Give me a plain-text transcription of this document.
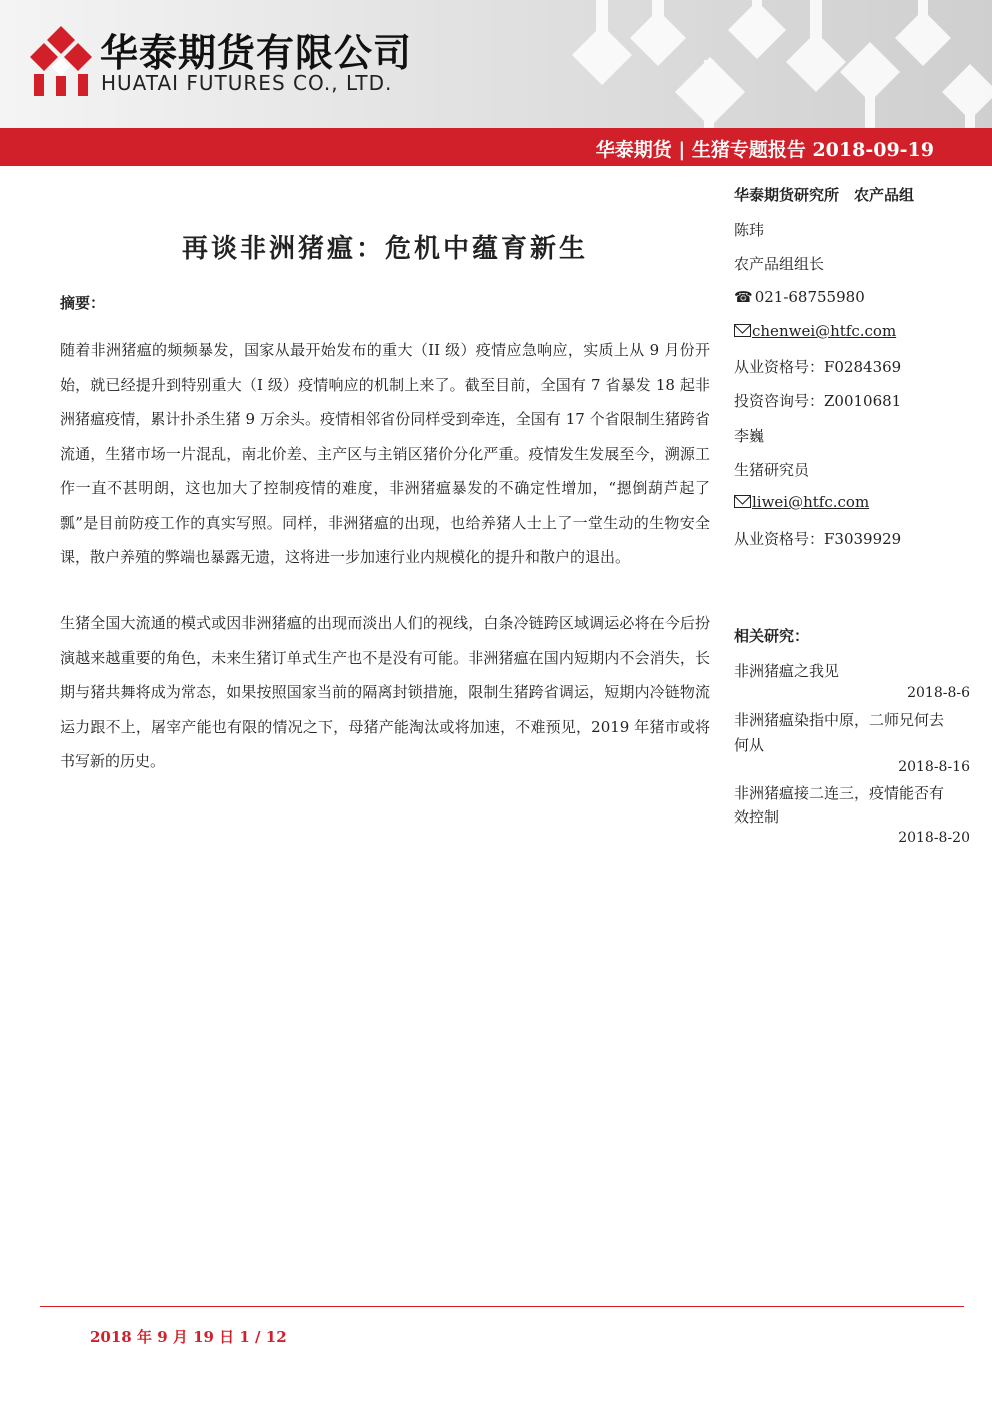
华泰期货有限公司
HUATAI FUTURES CO., LTD.
华泰期货 | 生猪专题报告 2018-09-19
再谈非洲猪瘟：危机中蕴育新生
摘要：

随着非洲猪瘟的频频暴发，国家从最开始发布的重大（II 级）疫情应急响应，实质上从 9 月份开始，就已经提升到特别重大（I 级）疫情响应的机制上来了。截至目前，全国有 7 省暴发 18 起非洲猪瘟疫情，累计扑杀生猪 9 万余头。疫情相邻省份同样受到牵连，全国有 17 个省限制生猪跨省流通，生猪市场一片混乱，南北价差、主产区与主销区猪价分化严重。疫情发生发展至今，溯源工作一直不甚明朗，这也加大了控制疫情的难度，非洲猪瘟暴发的不确定性增加，“摁倒葫芦起了瓢”是目前防疫工作的真实写照。同样，非洲猪瘟的出现，也给养猪人士上了一堂生动的生物安全课，散户养殖的弊端也暴露无遗，这将进一步加速行业内规模化的提升和散户的退出。

生猪全国大流通的模式或因非洲猪瘟的出现而淡出人们的视线，白条冷链跨区域调运必将在今后扮演越来越重要的角色，未来生猪订单式生产也不是没有可能。非洲猪瘟在国内短期内不会消失，长期与猪共舞将成为常态，如果按照国家当前的隔离封锁措施，限制生猪跨省调运，短期内冷链物流运力跟不上，屠宰产能也有限的情况之下，母猪产能淘汰或将加速，不难预见，2019 年猪市或将书写新的历史。

华泰期货研究所　农产品组
陈玮
农产品组组长
☎ 021-68755980
chenwei@htfc.com
从业资格号：F0284369
投资咨询号：Z0010681
李巍
生猪研究员
liwei@htfc.com
从业资格号：F3039929
相关研究：
非洲猪瘟之我见
2018-8-6
非洲猪瘟染指中原，二师兄何去
何从
2018-8-16
非洲猪瘟接二连三，疫情能否有
效控制
2018-8-20
2018 年 9 月 19 日 1 / 12
